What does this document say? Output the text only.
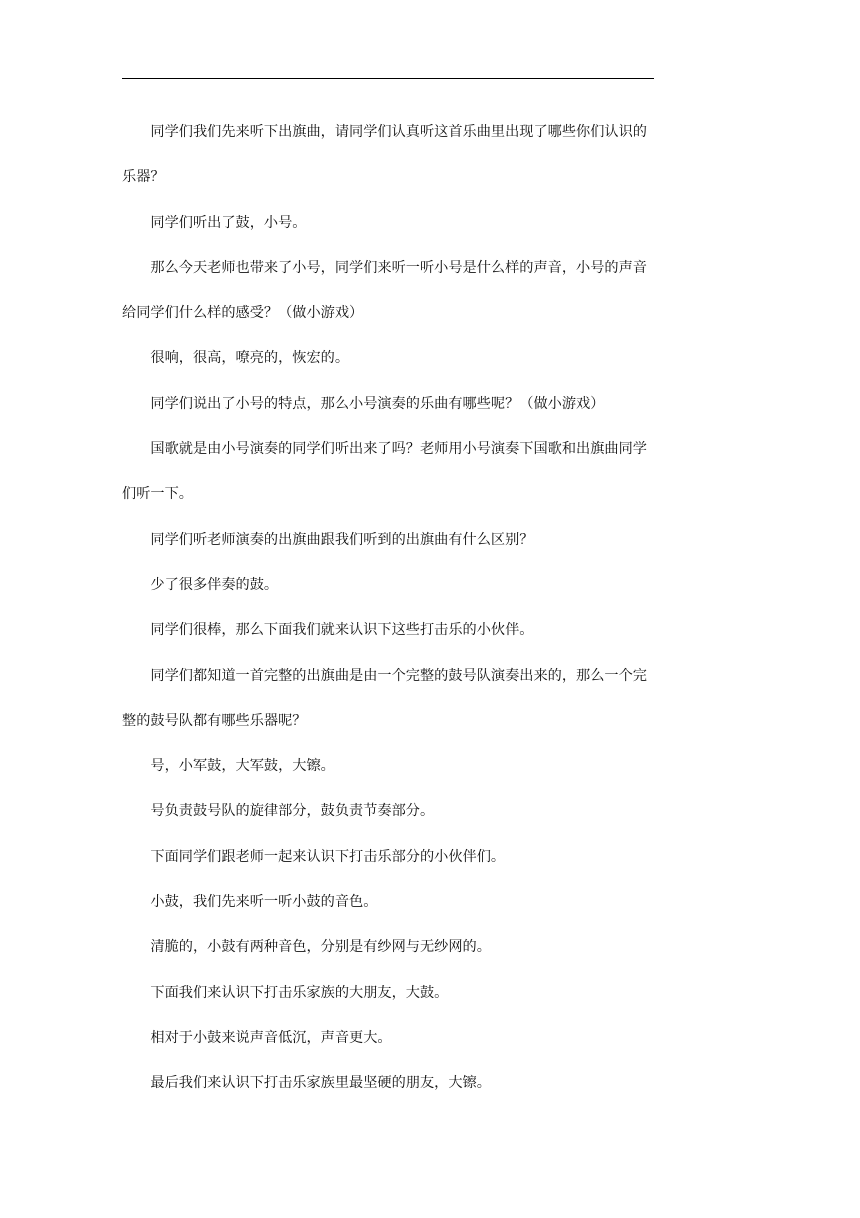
同学们我们先来听下出旗曲，请同学们认真听这首乐曲里出现了哪些你们认识的乐器？

同学们听出了鼓，小号。

那么今天老师也带来了小号，同学们来听一听小号是什么样的声音，小号的声音给同学们什么样的感受？（做小游戏）

很响，很高，嘹亮的，恢宏的。

同学们说出了小号的特点，那么小号演奏的乐曲有哪些呢？（做小游戏）

国歌就是由小号演奏的同学们听出来了吗？老师用小号演奏下国歌和出旗曲同学们听一下。

同学们听老师演奏的出旗曲跟我们听到的出旗曲有什么区别？

少了很多伴奏的鼓。

同学们很棒，那么下面我们就来认识下这些打击乐的小伙伴。

同学们都知道一首完整的出旗曲是由一个完整的鼓号队演奏出来的，那么一个完整的鼓号队都有哪些乐器呢？

号，小军鼓，大军鼓，大镲。

号负责鼓号队的旋律部分，鼓负责节奏部分。

下面同学们跟老师一起来认识下打击乐部分的小伙伴们。

小鼓，我们先来听一听小鼓的音色。

清脆的，小鼓有两种音色，分别是有纱网与无纱网的。

下面我们来认识下打击乐家族的大朋友，大鼓。

相对于小鼓来说声音低沉，声音更大。

最后我们来认识下打击乐家族里最坚硬的朋友，大镲。
